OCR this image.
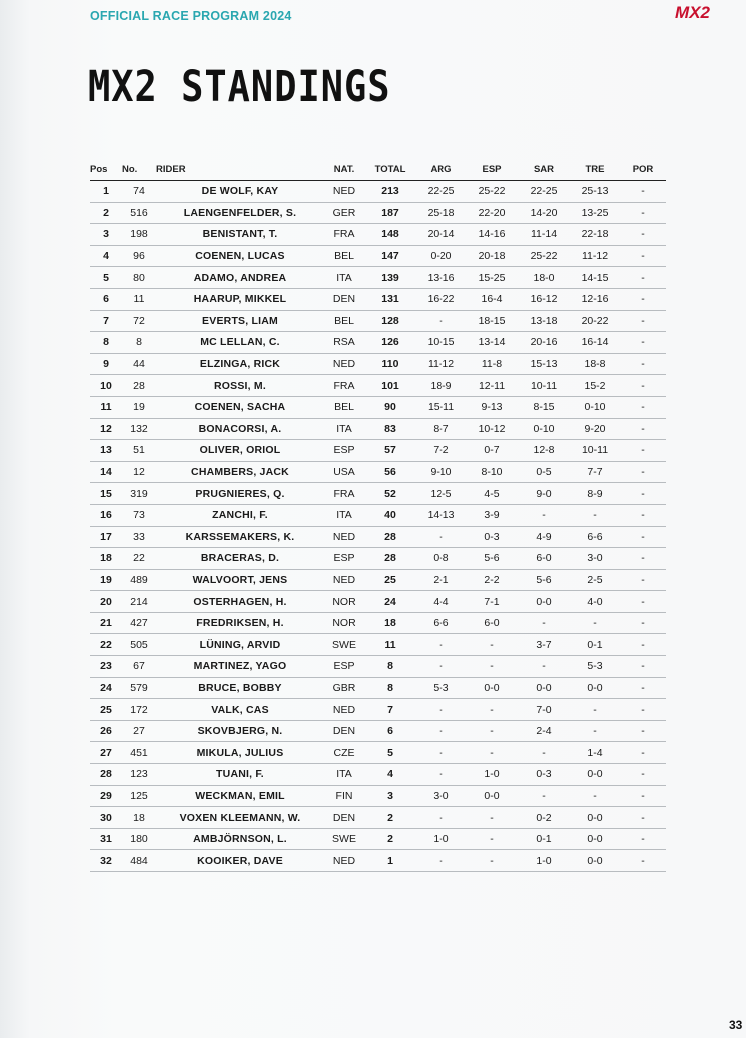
OFFICIAL RACE PROGRAM 2024	MX2
MX2 STANDINGS
Pos	No.	RIDER	NAT.	TOTAL	ARG	ESP	SAR	TRE	POR
1	74	DE WOLF, KAY	NED	213	22-25	25-22	22-25	25-13	-
2	516	LAENGENFELDER, S.	GER	187	25-18	22-20	14-20	13-25	-
3	198	BENISTANT, T.	FRA	148	20-14	14-16	11-14	22-18	-
4	96	COENEN, LUCAS	BEL	147	0-20	20-18	25-22	11-12	-
5	80	ADAMO, ANDREA	ITA	139	13-16	15-25	18-0	14-15	-
6	11	HAARUP, MIKKEL	DEN	131	16-22	16-4	16-12	12-16	-
7	72	EVERTS, LIAM	BEL	128	-	18-15	13-18	20-22	-
8	8	MC LELLAN, C.	RSA	126	10-15	13-14	20-16	16-14	-
9	44	ELZINGA, RICK	NED	110	11-12	11-8	15-13	18-8	-
10	28	ROSSI, M.	FRA	101	18-9	12-11	10-11	15-2	-
11	19	COENEN, SACHA	BEL	90	15-11	9-13	8-15	0-10	-
12	132	BONACORSI, A.	ITA	83	8-7	10-12	0-10	9-20	-
13	51	OLIVER, ORIOL	ESP	57	7-2	0-7	12-8	10-11	-
14	12	CHAMBERS, JACK	USA	56	9-10	8-10	0-5	7-7	-
15	319	PRUGNIERES, Q.	FRA	52	12-5	4-5	9-0	8-9	-
16	73	ZANCHI, F.	ITA	40	14-13	3-9	-	-	-
17	33	KARSSEMAKERS, K.	NED	28	-	0-3	4-9	6-6	-
18	22	BRACERAS, D.	ESP	28	0-8	5-6	6-0	3-0	-
19	489	WALVOORT, JENS	NED	25	2-1	2-2	5-6	2-5	-
20	214	OSTERHAGEN, H.	NOR	24	4-4	7-1	0-0	4-0	-
21	427	FREDRIKSEN, H.	NOR	18	6-6	6-0	-	-	-
22	505	LÜNING, ARVID	SWE	11	-	-	3-7	0-1	-
23	67	MARTINEZ, YAGO	ESP	8	-	-	-	5-3	-
24	579	BRUCE, BOBBY	GBR	8	5-3	0-0	0-0	0-0	-
25	172	VALK, CAS	NED	7	-	-	7-0	-	-
26	27	SKOVBJERG, N.	DEN	6	-	-	2-4	-	-
27	451	MIKULA, JULIUS	CZE	5	-	-	-	1-4	-
28	123	TUANI, F.	ITA	4	-	1-0	0-3	0-0	-
29	125	WECKMAN, EMIL	FIN	3	3-0	0-0	-	-	-
30	18	VOXEN KLEEMANN, W.	DEN	2	-	-	0-2	0-0	-
31	180	AMBJÖRNSON, L.	SWE	2	1-0	-	0-1	0-0	-
32	484	KOOIKER, DAVE	NED	1	-	-	1-0	0-0	-
33
